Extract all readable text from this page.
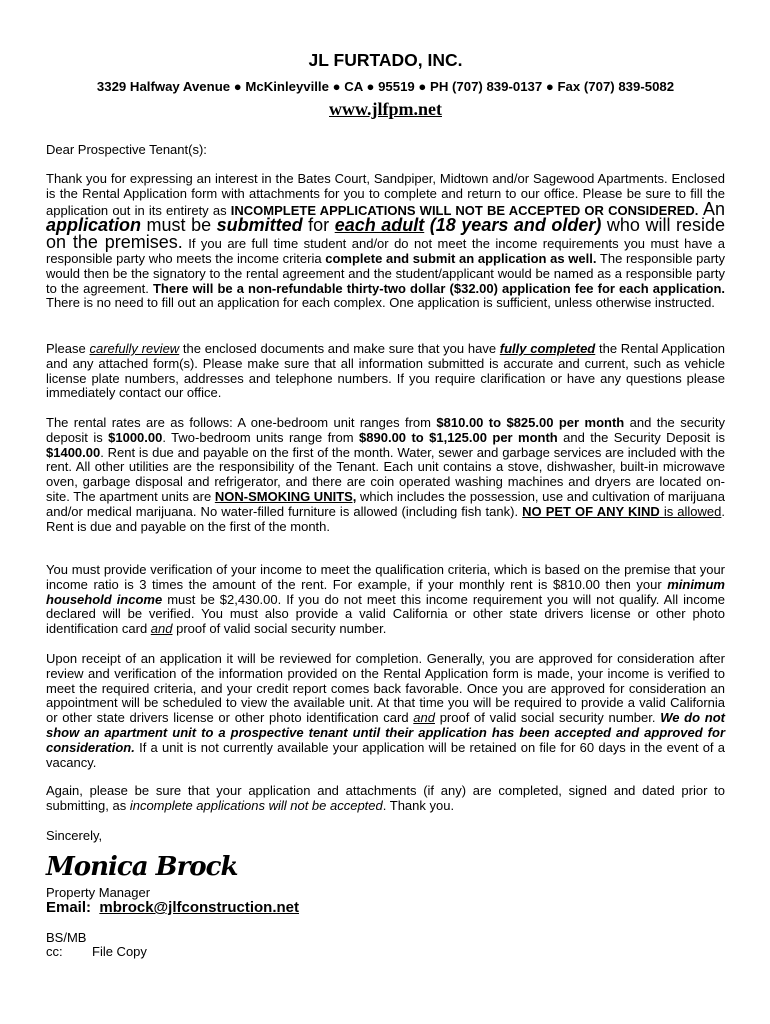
JL FURTADO, INC.
3329 Halfway Avenue ● McKinleyville ● CA ● 95519 ● PH (707) 839-0137 ● Fax (707) 839-5082
www.jlfpm.net
Dear Prospective Tenant(s):
Thank you for expressing an interest in the Bates Court, Sandpiper, Midtown and/or Sagewood Apartments. Enclosed is the Rental Application form with attachments for you to complete and return to our office. Please be sure to fill the application out in its entirety as INCOMPLETE APPLICATIONS WILL NOT BE ACCEPTED OR CONSIDERED. An application must be submitted for each adult (18 years and older) who will reside on the premises. If you are full time student and/or do not meet the income requirements you must have a responsible party who meets the income criteria complete and submit an application as well. The responsible party would then be the signatory to the rental agreement and the student/applicant would be named as a responsible party to the agreement. There will be a non-refundable thirty-two dollar ($32.00) application fee for each application. There is no need to fill out an application for each complex. One application is sufficient, unless otherwise instructed.
Please carefully review the enclosed documents and make sure that you have fully completed the Rental Application and any attached form(s). Please make sure that all information submitted is accurate and current, such as vehicle license plate numbers, addresses and telephone numbers. If you require clarification or have any questions please immediately contact our office.
The rental rates are as follows: A one-bedroom unit ranges from $810.00 to $825.00 per month and the security deposit is $1000.00. Two-bedroom units range from $890.00 to $1,125.00 per month and the Security Deposit is $1400.00. Rent is due and payable on the first of the month. Water, sewer and garbage services are included with the rent. All other utilities are the responsibility of the Tenant. Each unit contains a stove, dishwasher, built-in microwave oven, garbage disposal and refrigerator, and there are coin operated washing machines and dryers are located on-site. The apartment units are NON-SMOKING UNITS, which includes the possession, use and cultivation of marijuana and/or medical marijuana. No water-filled furniture is allowed (including fish tank). NO PET OF ANY KIND is allowed. Rent is due and payable on the first of the month.
You must provide verification of your income to meet the qualification criteria, which is based on the premise that your income ratio is 3 times the amount of the rent. For example, if your monthly rent is $810.00 then your minimum household income must be $2,430.00. If you do not meet this income requirement you will not qualify. All income declared will be verified. You must also provide a valid California or other state drivers license or other photo identification card and proof of valid social security number.
Upon receipt of an application it will be reviewed for completion. Generally, you are approved for consideration after review and verification of the information provided on the Rental Application form is made, your income is verified to meet the required criteria, and your credit report comes back favorable. Once you are approved for consideration an appointment will be scheduled to view the available unit. At that time you will be required to provide a valid California or other state drivers license or other photo identification card and proof of valid social security number. We do not show an apartment unit to a prospective tenant until their application has been accepted and approved for consideration. If a unit is not currently available your application will be retained on file for 60 days in the event of a vacancy.
Again, please be sure that your application and attachments (if any) are completed, signed and dated prior to submitting, as incomplete applications will not be accepted. Thank you.
Sincerely,
Monica Brock
Property Manager
Email: mbrock@jlfconstruction.net
BS/MB
cc: File Copy
